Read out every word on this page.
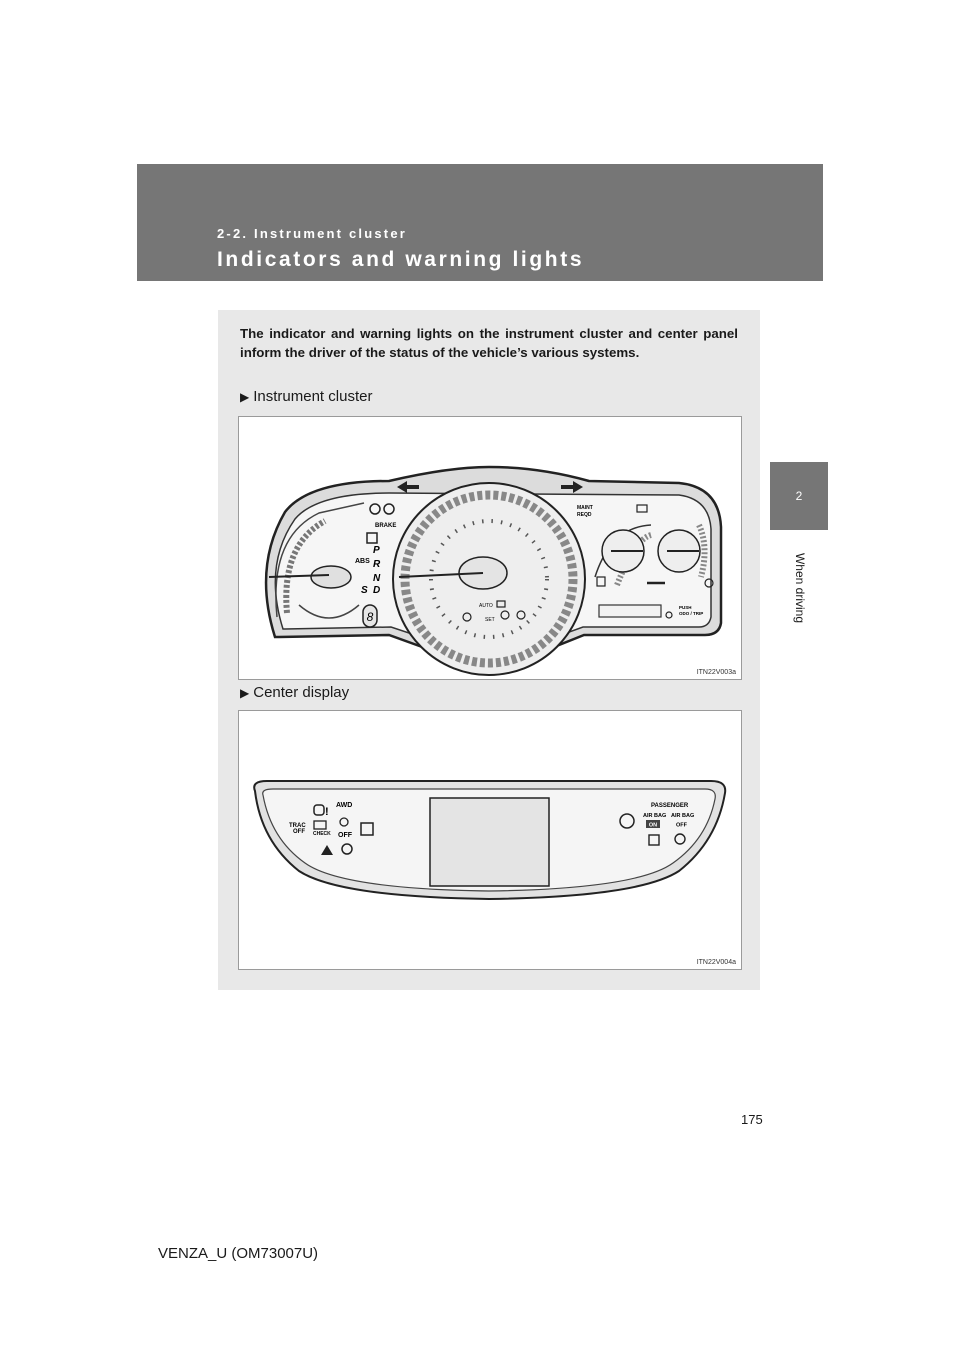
2-2. Instrument cluster
Indicators and warning lights
2
When driving

The indicator and warning lights on the instrument cluster and center panel inform the driver of the status of the vehicle’s various systems.

▶ Instrument cluster
8
BRAKE
ABS
P
R
N
S D
AUTO
SET
MAINT
REQD
PUSH
ODO / TRIP
ITN22V003a
▶ Center display
!
AWD
TRAC
OFF CHECK OFF
PASSENGER
AIR BAG
ON
AIR BAG
OFF
ITN22V004a
175
VENZA_U (OM73007U)
